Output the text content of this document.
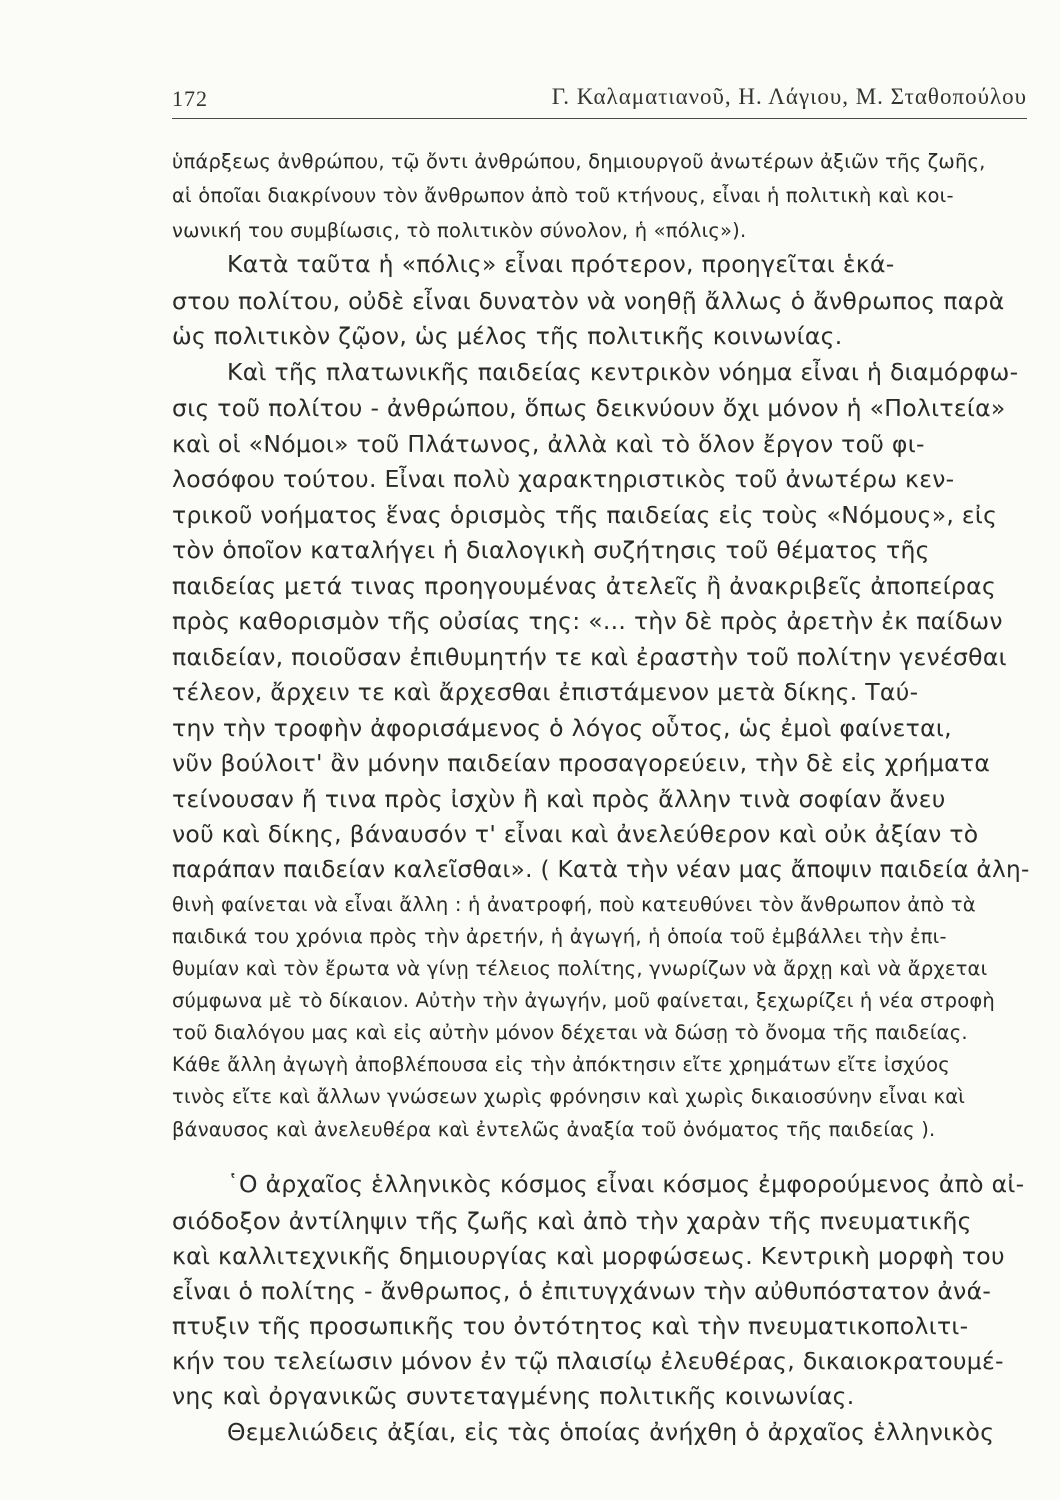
172	Γ. Καλαματιανοῦ, Η. Λάγιου, Μ. Σταθοπούλου
ὑπάρξεως ἀνθρώπου, τῷ ὄντι ἀνθρώπου, δημιουργοῦ ἀνωτέρων ἀξιῶν τῆς ζωῆς,
αἱ ὁποῖαι διακρίνουν τὸν ἄνθρωπον ἀπὸ τοῦ κτήνους, εἶναι ἡ πολιτικὴ καὶ κοι-
νωνική του συμβίωσις, τὸ πολιτικὸν σύνολον, ἡ «πόλις»).
Κατὰ ταῦτα ἡ «πόλις» εἶναι πρότερον, προηγεῖται ἑκά-
στου πολίτου, οὐδὲ εἶναι δυνατὸν νὰ νοηθῇ ἄλλως ὁ ἄνθρωπος παρὰ
ὡς πολιτικὸν ζῷον, ὡς μέλος τῆς πολιτικῆς κοινωνίας.
Καὶ τῆς πλατωνικῆς παιδείας κεντρικὸν νόημα εἶναι ἡ διαμόρφω-
σις τοῦ πολίτου - ἀνθρώπου, ὅπως δεικνύουν ὄχι μόνον ἡ «Πολιτεία»
καὶ οἱ «Νόμοι» τοῦ Πλάτωνος, ἀλλὰ καὶ τὸ ὅλον ἔργον τοῦ φι-
λοσόφου τούτου. Εἶναι πολὺ χαρακτηριστικὸς τοῦ ἀνωτέρω κεν-
τρικοῦ νοήματος ἕνας ὁρισμὸς τῆς παιδείας εἰς τοὺς «Νόμους», εἰς
τὸν ὁποῖον καταλήγει ἡ διαλογικὴ συζήτησις τοῦ θέματος τῆς
παιδείας μετά τινας προηγουμένας ἀτελεῖς ἢ ἀνακριβεῖς ἀποπείρας
πρὸς καθορισμὸν τῆς οὐσίας της: «... τὴν δὲ πρὸς ἀρετὴν ἐκ παίδων
παιδείαν, ποιοῦσαν ἐπιθυμητήν τε καὶ ἐραστὴν τοῦ πολίτην γενέσθαι
τέλεον, ἄρχειν τε καὶ ἄρχεσθαι ἐπιστάμενον μετὰ δίκης. Ταύ-
την τὴν τροφὴν ἀφορισάμενος ὁ λόγος οὗτος, ὡς ἐμοὶ φαίνεται,
νῦν βούλοιτ' ἂν μόνην παιδείαν προσαγορεύειν, τὴν δὲ εἰς χρήματα
τείνουσαν ἤ τινα πρὸς ἰσχὺν ἢ καὶ πρὸς ἄλλην τινὰ σοφίαν ἄνευ
νοῦ καὶ δίκης, βάναυσόν τ' εἶναι καὶ ἀνελεύθερον καὶ οὐκ ἀξίαν τὸ
παράπαν παιδείαν καλεῖσθαι». ( Κατὰ τὴν νέαν μας ἄποψιν παιδεία ἀλη-
θινὴ φαίνεται νὰ εἶναι ἄλλη : ἡ ἀνατροφή, ποὺ κατευθύνει τὸν ἄνθρωπον ἀπὸ τὰ
παιδικά του χρόνια πρὸς τὴν ἀρετήν, ἡ ἀγωγή, ἡ ὁποία τοῦ ἐμβάλλει τὴν ἐπι-
θυμίαν καὶ τὸν ἔρωτα νὰ γίνῃ τέλειος πολίτης, γνωρίζων νὰ ἄρχῃ καὶ νὰ ἄρχεται
σύμφωνα μὲ τὸ δίκαιον. Αὐτὴν τὴν ἀγωγήν, μοῦ φαίνεται, ξεχωρίζει ἡ νέα στροφὴ
τοῦ διαλόγου μας καὶ εἰς αὐτὴν μόνον δέχεται νὰ δώσῃ τὸ ὄνομα τῆς παιδείας.
Κάθε ἄλλη ἀγωγὴ ἀποβλέπουσα εἰς τὴν ἀπόκτησιν εἴτε χρημάτων εἴτε ἰσχύος
τινὸς εἴτε καὶ ἄλλων γνώσεων χωρὶς φρόνησιν καὶ χωρὶς δικαιοσύνην εἶναι καὶ
βάναυσος καὶ ἀνελευθέρα καὶ ἐντελῶς ἀναξία τοῦ ὀνόματος τῆς παιδείας ).
῾Ο ἀρχαῖος ἑλληνικὸς κόσμος εἶναι κόσμος ἐμφορούμενος ἀπὸ αἰ-
σιόδοξον ἀντίληψιν τῆς ζωῆς καὶ ἀπὸ τὴν χαρὰν τῆς πνευματικῆς
καὶ καλλιτεχνικῆς δημιουργίας καὶ μορφώσεως. Κεντρικὴ μορφὴ του
εἶναι ὁ πολίτης - ἄνθρωπος, ὁ ἐπιτυγχάνων τὴν αὐθυπόστατον ἀνά-
πτυξιν τῆς προσωπικῆς του ὀντότητος καὶ τὴν πνευματικοπολιτι-
κήν του τελείωσιν μόνον ἐν τῷ πλαισίῳ ἐλευθέρας, δικαιοκρατουμέ-
νης καὶ ὀργανικῶς συντεταγμένης πολιτικῆς κοινωνίας.
Θεμελιώδεις ἀξίαι, εἰς τὰς ὁποίας ἀνήχθη ὁ ἀρχαῖος ἑλληνικὸς
